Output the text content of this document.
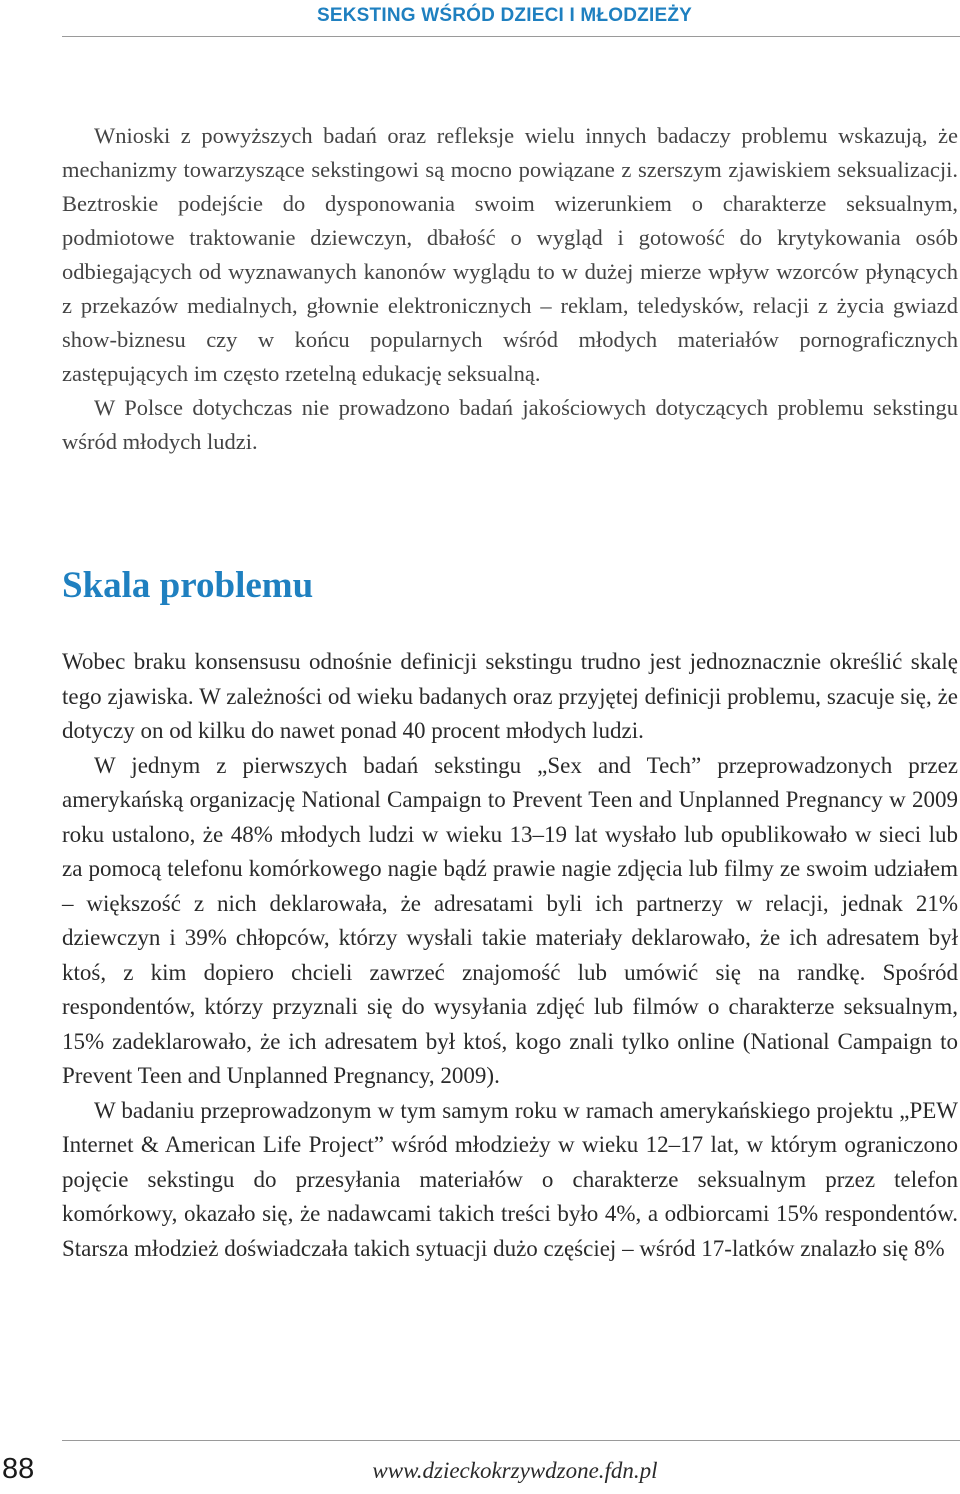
SEKSTING WŚRÓD DZIECI I MŁODZIEŻY

Wnioski z powyższych badań oraz refleksje wielu innych badaczy problemu wskazują, że mechanizmy towarzyszące sekstingowi są mocno powiązane z szerszym zjawiskiem seksualizacji. Beztroskie podejście do dysponowania swoim wizerunkiem o charakterze seksualnym, podmiotowe traktowanie dziewczyn, dbałość o wygląd i gotowość do krytykowania osób odbiegających od wyznawanych kanonów wyglądu to w dużej mierze wpływ wzorców płynących z przekazów medialnych, głownie elektronicznych – reklam, teledysków, relacji z życia gwiazd show-biznesu czy w końcu popularnych wśród młodych materiałów pornograficznych zastępujących im często rzetelną edukację seksualną.

W Polsce dotychczas nie prowadzono badań jakościowych dotyczących problemu sekstingu wśród młodych ludzi.

Skala problemu

Wobec braku konsensusu odnośnie definicji sekstingu trudno jest jednoznacznie określić skalę tego zjawiska. W zależności od wieku badanych oraz przyjętej definicji problemu, szacuje się, że dotyczy on od kilku do nawet ponad 40 procent młodych ludzi.

W jednym z pierwszych badań sekstingu „Sex and Tech” przeprowadzonych przez amerykańską organizację National Campaign to Prevent Teen and Unplanned Pregnancy w 2009 roku ustalono, że 48% młodych ludzi w wieku 13–19 lat wysłało lub opublikowało w sieci lub za pomocą telefonu komórkowego nagie bądź prawie nagie zdjęcia lub filmy ze swoim udziałem – większość z nich deklarowała, że adresatami byli ich partnerzy w relacji, jednak 21% dziewczyn i 39% chłopców, którzy wysłali takie materiały deklarowało, że ich adresatem był ktoś, z kim dopiero chcieli zawrzeć znajomość lub umówić się na randkę. Spośród respondentów, którzy przyznali się do wysyłania zdjęć lub filmów o charakterze seksualnym, 15% zadeklarowało, że ich adresatem był ktoś, kogo znali tylko online (National Campaign to Prevent Teen and Unplanned Pregnancy, 2009).

W badaniu przeprowadzonym w tym samym roku w ramach amerykańskiego projektu „PEW Internet & American Life Project” wśród młodzieży w wieku 12–17 lat, w którym ograniczono pojęcie sekstingu do przesyłania materiałów o charakterze seksualnym przez telefon komórkowy, okazało się, że nadawcami takich treści było 4%, a odbiorcami 15% respondentów. Starsza młodzież doświadczała takich sytuacji dużo częściej – wśród 17-latków znalazło się 8%

88	www.dzieckokrzywdzone.fdn.pl
